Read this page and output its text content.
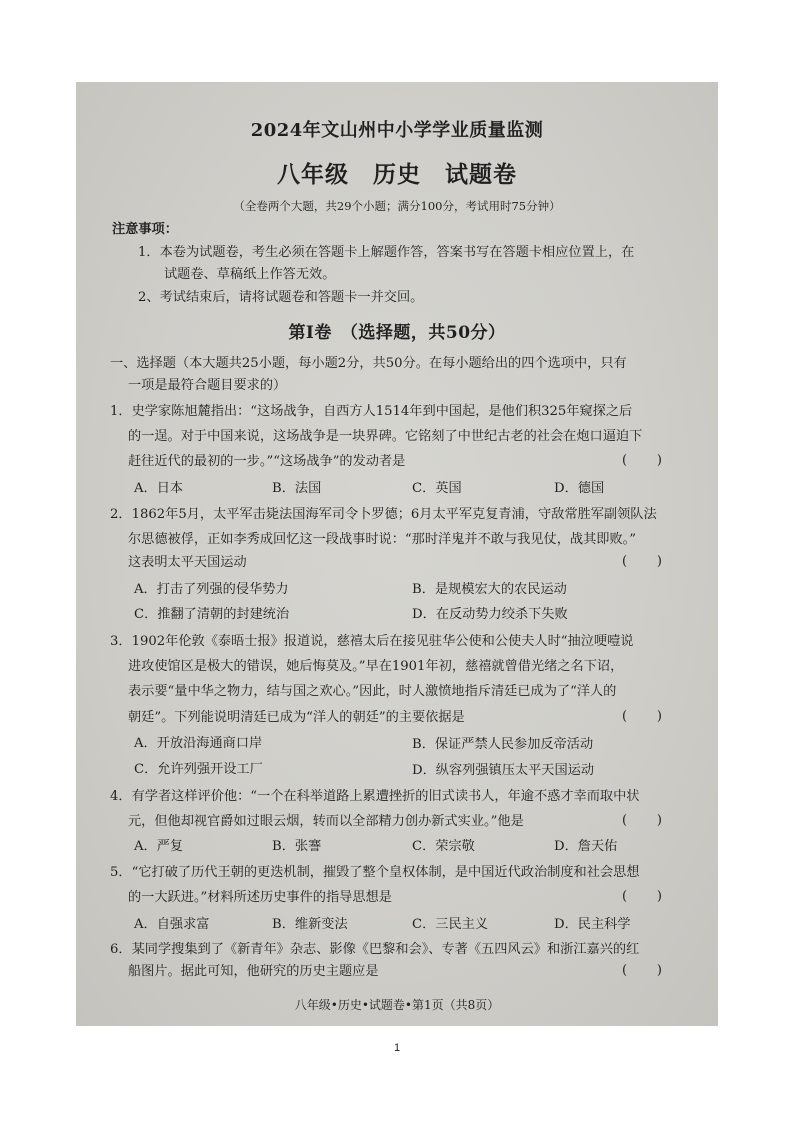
2024年文山州中小学学业质量监测
八年级　历史　试题卷
（全卷两个大题，共29个小题；满分100分，考试用时75分钟）
注意事项：
1．本卷为试题卷，考生必须在答题卡上解题作答，答案书写在答题卡相应位置上，在
试题卷、草稿纸上作答无效。
2、考试结束后，请将试题卷和答题卡一并交回。
第Ⅰ卷　（选择题，共50分）
一、选择题（本大题共25小题，每小题2分，共50分。在每小题给出的四个选项中，只有
一项是最符合题目要求的）
1．史学家陈旭麓指出：“这场战争，自西方人1514年到中国起，是他们积325年窥探之后
的一逞。对于中国来说，这场战争是一块界碑。它铭刻了中世纪古老的社会在炮口逼迫下
赶往近代的最初的一步。”“这场战争”的发动者是	( )
A．日本	B．法国	C．英国	D．德国
2．1862年5月，太平军击毙法国海军司令卜罗德；6月太平军克复青浦，守敌常胜军副领队法
尔思德被俘，正如李秀成回忆这一段战事时说：“那时洋鬼并不敢与我见仗，战其即败。”
这表明太平天国运动	( )
A．打击了列强的侵华势力	B．是规模宏大的农民运动
C．推翻了清朝的封建统治	D．在反动势力绞杀下失败
3．1902年伦敦《泰晤士报》报道说，慈禧太后在接见驻华公使和公使夫人时“抽泣哽噎说
进攻使馆区是极大的错误，她后悔莫及。”早在1901年初，慈禧就曾借光绪之名下诏，
表示要“量中华之物力，结与国之欢心。”因此，时人激愤地指斥清廷已成为了“洋人的
朝廷”。下列能说明清廷已成为“洋人的朝廷”的主要依据是	( )
A．开放沿海通商口岸	B．保证严禁人民参加反帝活动
C．允许列强开设工厂	D．纵容列强镇压太平天国运动
4．有学者这样评价他：“一个在科举道路上累遭挫折的旧式读书人，年逾不惑才幸而取中状
元，但他却视官爵如过眼云烟，转而以全部精力创办新式实业。”他是	( )
A．严复	B．张謇	C．荣宗敬	D．詹天佑
5．“它打破了历代王朝的更迭机制，摧毁了整个皇权体制，是中国近代政治制度和社会思想
的一大跃进。”材料所述历史事件的指导思想是	( )
A．自强求富	B．维新变法	C．三民主义	D．民主科学
6．某同学搜集到了《新青年》杂志、影像《巴黎和会》、专著《五四风云》和浙江嘉兴的红
船图片。据此可知，他研究的历史主题应是	( )
八年级•历史•试题卷•第1页（共8页）
1
